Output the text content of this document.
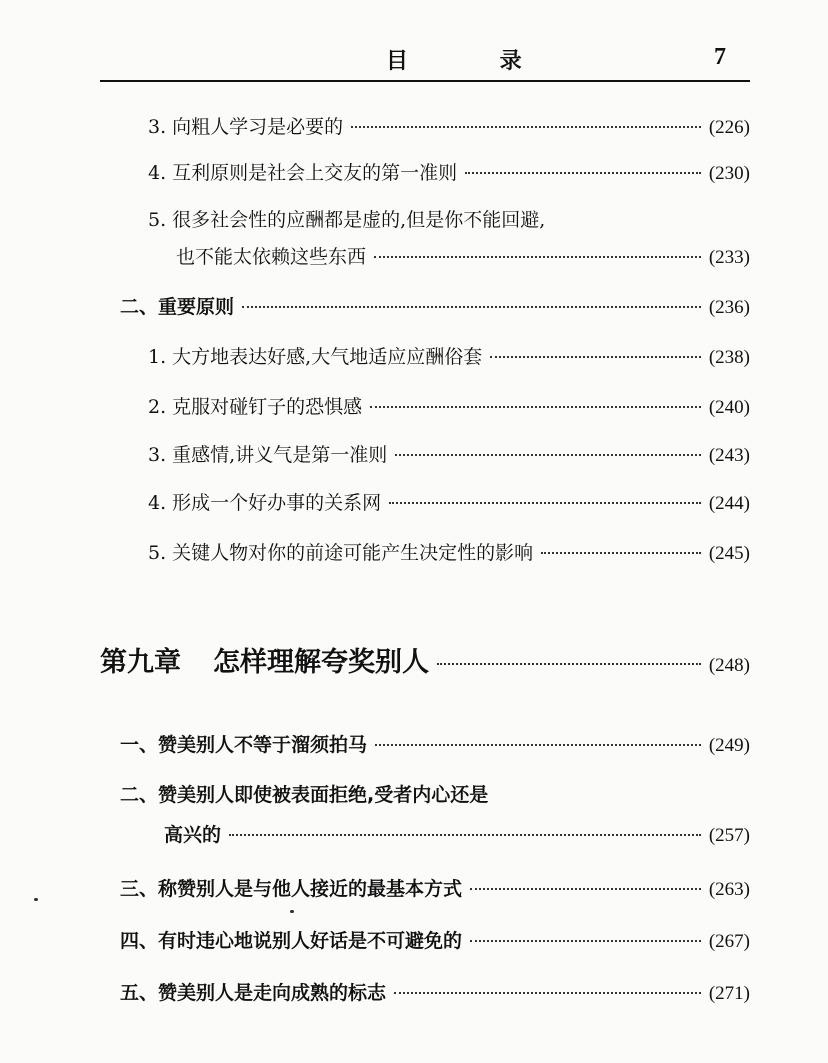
目 录	7
3. 向粗人学习是必要的	(226)
4. 互利原则是社会上交友的第一准则	(230)
5. 很多社会性的应酬都是虚的,但是你不能回避,
也不能太依赖这些东西	(233)
二、重要原则	(236)
1. 大方地表达好感,大气地适应应酬俗套	(238)
2. 克服对碰钉子的恐惧感	(240)
3. 重感情,讲义气是第一准则	(243)
4. 形成一个好办事的关系网	(244)
5. 关键人物对你的前途可能产生决定性的影响	(245)
第九章 怎样理解夸奖别人	(248)
一、赞美别人不等于溜须拍马	(249)
二、赞美别人即使被表面拒绝,受者内心还是
高兴的	(257)
三、称赞别人是与他人接近的最基本方式	(263)
四、有时违心地说别人好话是不可避免的	(267)
五、赞美别人是走向成熟的标志	(271)
